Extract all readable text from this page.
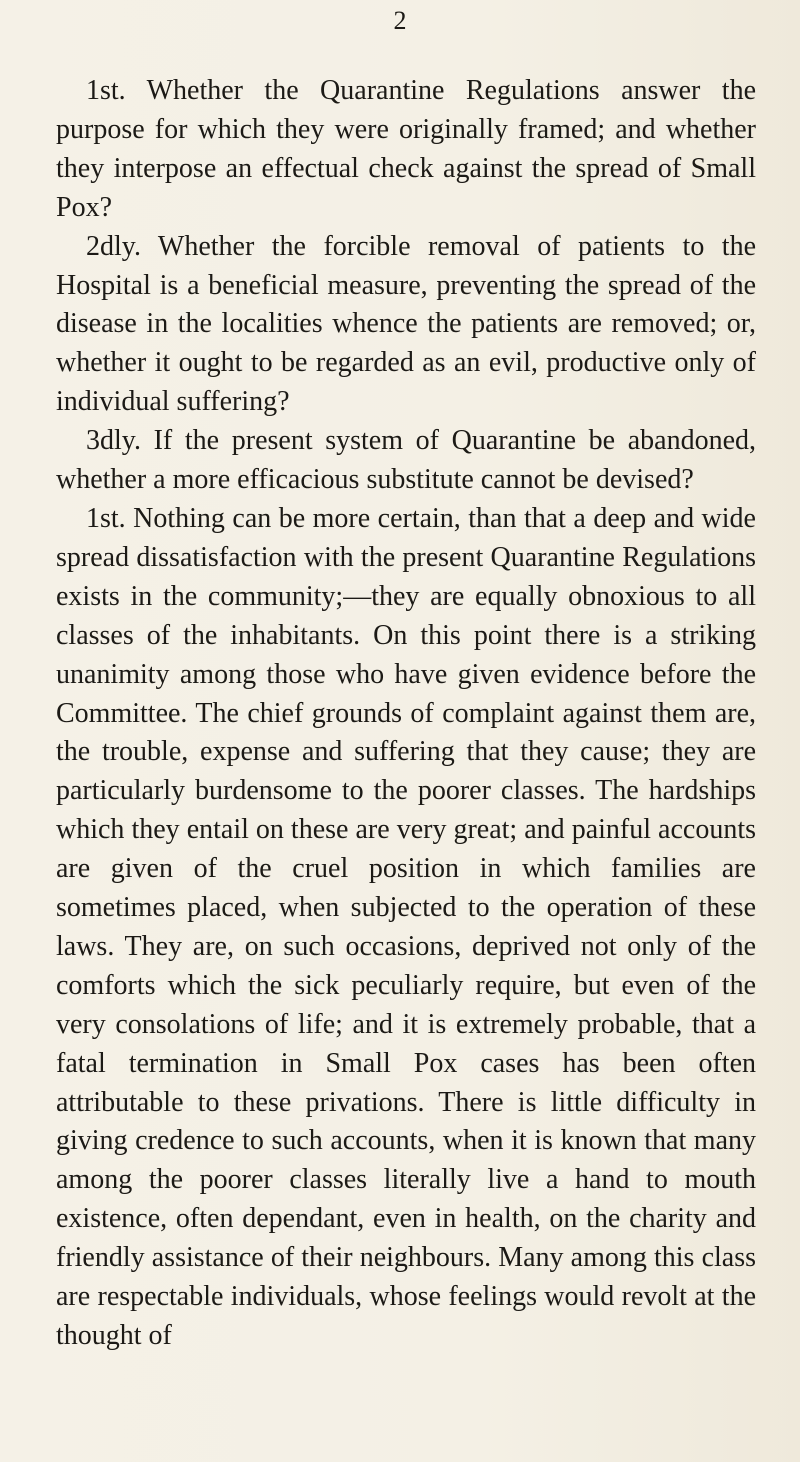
2

1st. Whether the Quarantine Regulations answer the purpose for which they were originally framed; and whether they interpose an effectual check against the spread of Small Pox?

2dly. Whether the forcible removal of patients to the Hospital is a beneficial measure, preventing the spread of the disease in the localities whence the patients are removed; or, whether it ought to be regarded as an evil, productive only of individual suffering?

3dly. If the present system of Quarantine be abandoned, whether a more efficacious substitute cannot be devised?

1st. Nothing can be more certain, than that a deep and wide spread dissatisfaction with the present Quarantine Regulations exists in the community;—they are equally obnoxious to all classes of the inhabitants. On this point there is a striking unanimity among those who have given evidence before the Committee. The chief grounds of complaint against them are, the trouble, expense and suffering that they cause; they are particularly burdensome to the poorer classes. The hardships which they entail on these are very great; and painful accounts are given of the cruel position in which families are sometimes placed, when subjected to the operation of these laws. They are, on such occasions, deprived not only of the comforts which the sick peculiarly require, but even of the very consolations of life; and it is extremely probable, that a fatal termination in Small Pox cases has been often attributable to these privations. There is little difficulty in giving credence to such accounts, when it is known that many among the poorer classes literally live a hand to mouth existence, often dependant, even in health, on the charity and friendly assistance of their neighbours. Many among this class are respectable individuals, whose feelings would revolt at the thought of
